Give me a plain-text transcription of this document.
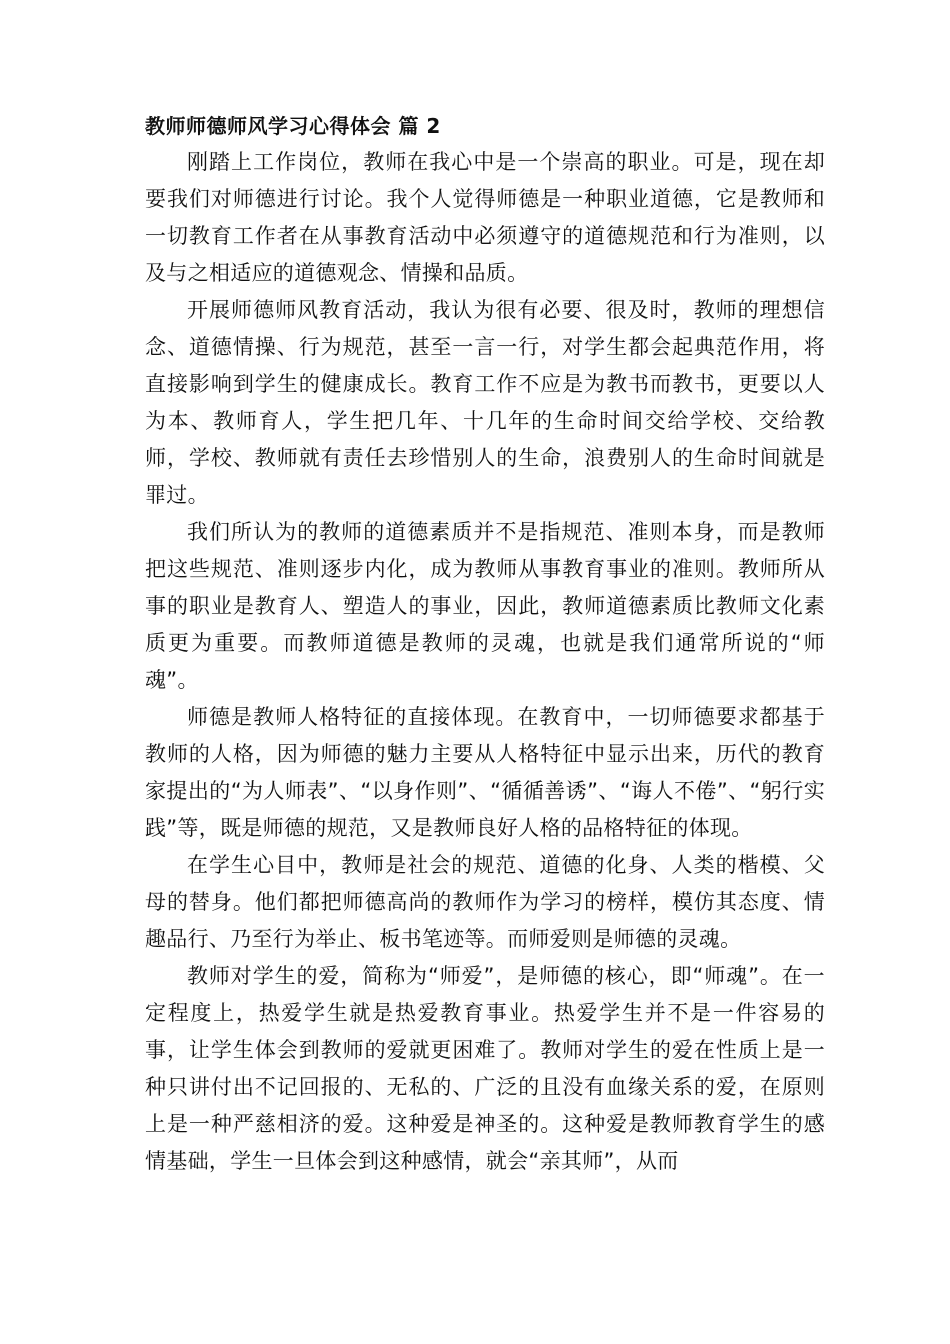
教师师德师风学习心得体会 篇 2

刚踏上工作岗位，教师在我心中是一个崇高的职业。可是，现在却要我们对师德进行讨论。我个人觉得师德是一种职业道德，它是教师和一切教育工作者在从事教育活动中必须遵守的道德规范和行为准则，以及与之相适应的道德观念、情操和品质。

开展师德师风教育活动，我认为很有必要、很及时，教师的理想信念、道德情操、行为规范，甚至一言一行，对学生都会起典范作用，将直接影响到学生的健康成长。教育工作不应是为教书而教书，更要以人为本、教师育人，学生把几年、十几年的生命时间交给学校、交给教师，学校、教师就有责任去珍惜别人的生命，浪费别人的生命时间就是罪过。

我们所认为的教师的道德素质并不是指规范、准则本身，而是教师把这些规范、准则逐步内化，成为教师从事教育事业的准则。教师所从事的职业是教育人、塑造人的事业，因此，教师道德素质比教师文化素质更为重要。而教师道德是教师的灵魂，也就是我们通常所说的“师魂”。

师德是教师人格特征的直接体现。在教育中，一切师德要求都基于教师的人格，因为师德的魅力主要从人格特征中显示出来，历代的教育家提出的“为人师表”、“以身作则”、“循循善诱”、“诲人不倦”、“躬行实践”等，既是师德的规范，又是教师良好人格的品格特征的体现。

在学生心目中，教师是社会的规范、道德的化身、人类的楷模、父母的替身。他们都把师德高尚的教师作为学习的榜样，模仿其态度、情趣品行、乃至行为举止、板书笔迹等。而师爱则是师德的灵魂。

教师对学生的爱，简称为“师爱”，是师德的核心，即“师魂”。在一定程度上，热爱学生就是热爱教育事业。热爱学生并不是一件容易的事，让学生体会到教师的爱就更困难了。教师对学生的爱在性质上是一种只讲付出不记回报的、无私的、广泛的且没有血缘关系的爱，在原则上是一种严慈相济的爱。这种爱是神圣的。这种爱是教师教育学生的感情基础，学生一旦体会到这种感情，就会“亲其师”，从而
